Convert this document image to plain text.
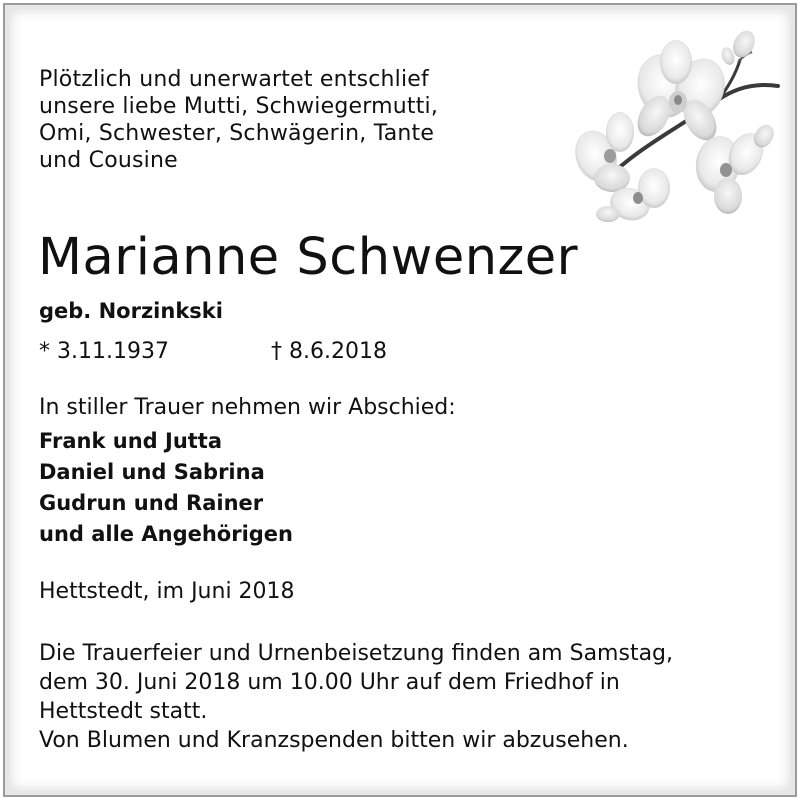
Plötzlich und unerwartet entschlief
unsere liebe Mutti, Schwiegermutti,
Omi, Schwester, Schwägerin, Tante
und Cousine
Marianne Schwenzer
geb. Norzinkski
* 3.11.1937	† 8.6.2018
In stiller Trauer nehmen wir Abschied:
Frank und Jutta
Daniel und Sabrina
Gudrun und Rainer
und alle Angehörigen
Hettstedt, im Juni 2018
Die Trauerfeier und Urnenbeisetzung finden am Samstag,
dem 30. Juni 2018 um 10.00 Uhr auf dem Friedhof in
Hettstedt statt.
Von Blumen und Kranzspenden bitten wir abzusehen.
